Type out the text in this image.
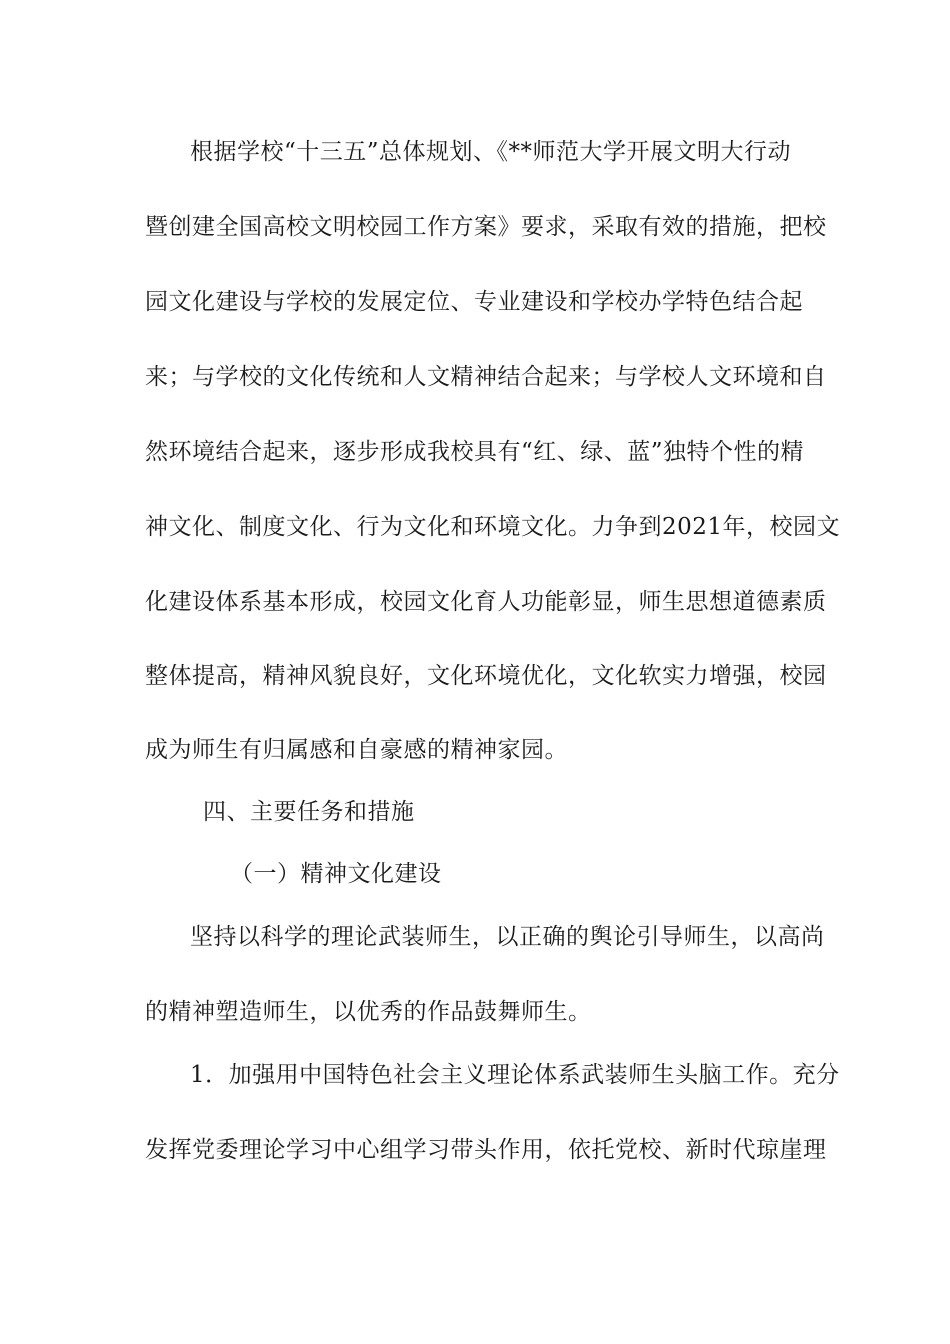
根据学校“十三五”总体规划、《**师范大学开展文明大行动
暨创建全国高校文明校园工作方案》要求，采取有效的措施，把校
园文化建设与学校的发展定位、专业建设和学校办学特色结合起
来；与学校的文化传统和人文精神结合起来；与学校人文环境和自
然环境结合起来，逐步形成我校具有“红、绿、蓝”独特个性的精
神文化、制度文化、行为文化和环境文化。力争到2021年，校园文
化建设体系基本形成，校园文化育人功能彰显，师生思想道德素质
整体提高，精神风貌良好，文化环境优化，文化软实力增强，校园
成为师生有归属感和自豪感的精神家园。
四、主要任务和措施
（一）精神文化建设
坚持以科学的理论武装师生，以正确的舆论引导师生，以高尚
的精神塑造师生，以优秀的作品鼓舞师生。
1．加强用中国特色社会主义理论体系武装师生头脑工作。充分
发挥党委理论学习中心组学习带头作用，依托党校、新时代琼崖理
